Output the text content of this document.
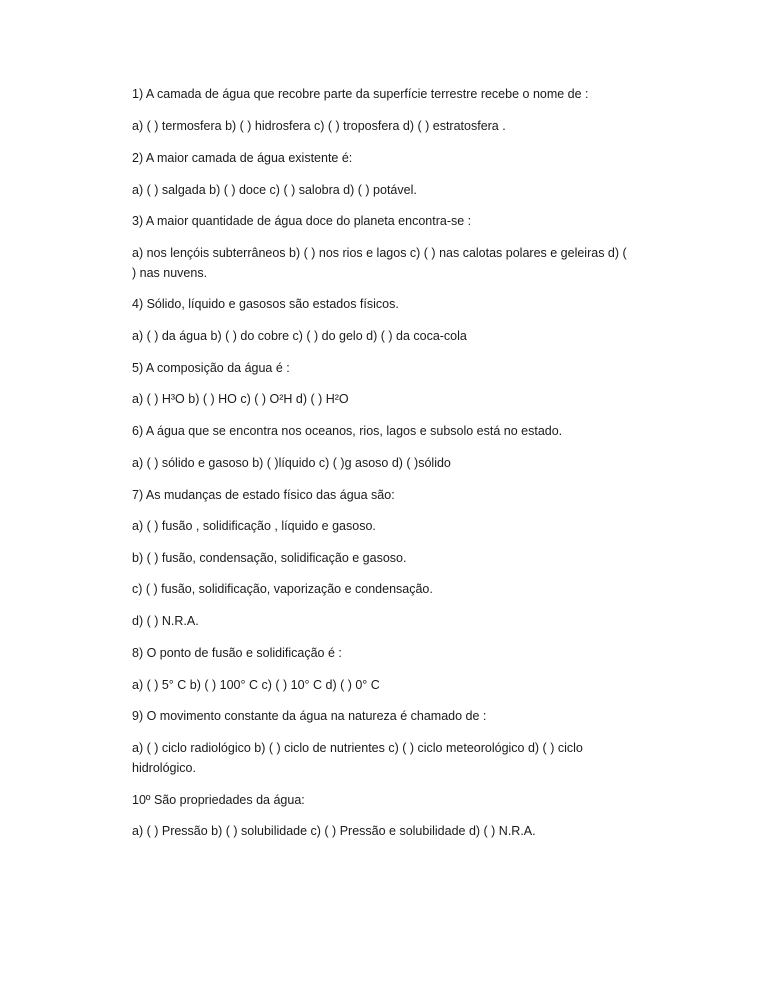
1) A camada de água que recobre parte da superfície terrestre recebe o nome de :
a) ( ) termosfera b) ( ) hidrosfera c) ( ) troposfera d) ( ) estratosfera .
2) A maior camada de água existente é:
a) ( ) salgada b) ( ) doce c) ( ) salobra d) ( ) potável.
3) A maior quantidade de água doce do planeta encontra-se :
a) nos lençóis subterrâneos b) ( ) nos rios e lagos c) ( ) nas calotas polares e geleiras d) ( ) nas nuvens.
4) Sólido, líquido e gasosos são estados físicos.
a) ( ) da água b) ( ) do cobre c) ( ) do gelo d) ( ) da coca-cola
5) A composição da água é :
a) ( ) H³O b) ( ) HO c) ( ) O²H d) ( ) H²O
6) A água que se encontra nos oceanos, rios, lagos e subsolo está no estado.
a) ( ) sólido e gasoso b) ( )líquido c) ( )g asoso d) ( )sólido
7) As mudanças de estado físico das água são:
a) ( ) fusão , solidificação , líquido e gasoso.
b) ( ) fusão, condensação, solidificação e gasoso.
c) ( ) fusão, solidificação, vaporização e condensação.
d) ( ) N.R.A.
8) O ponto de fusão e solidificação é :
a) ( ) 5° C b) ( ) 100° C c) ( ) 10° C d) ( ) 0° C
9) O movimento constante da água na natureza é chamado de :
a) ( ) ciclo radiológico b) ( ) ciclo de nutrientes c) ( ) ciclo meteorológico d) ( ) ciclo hidrológico.
10º São propriedades da água:
a) ( ) Pressão b) ( ) solubilidade c) ( ) Pressão e solubilidade d) ( ) N.R.A.
